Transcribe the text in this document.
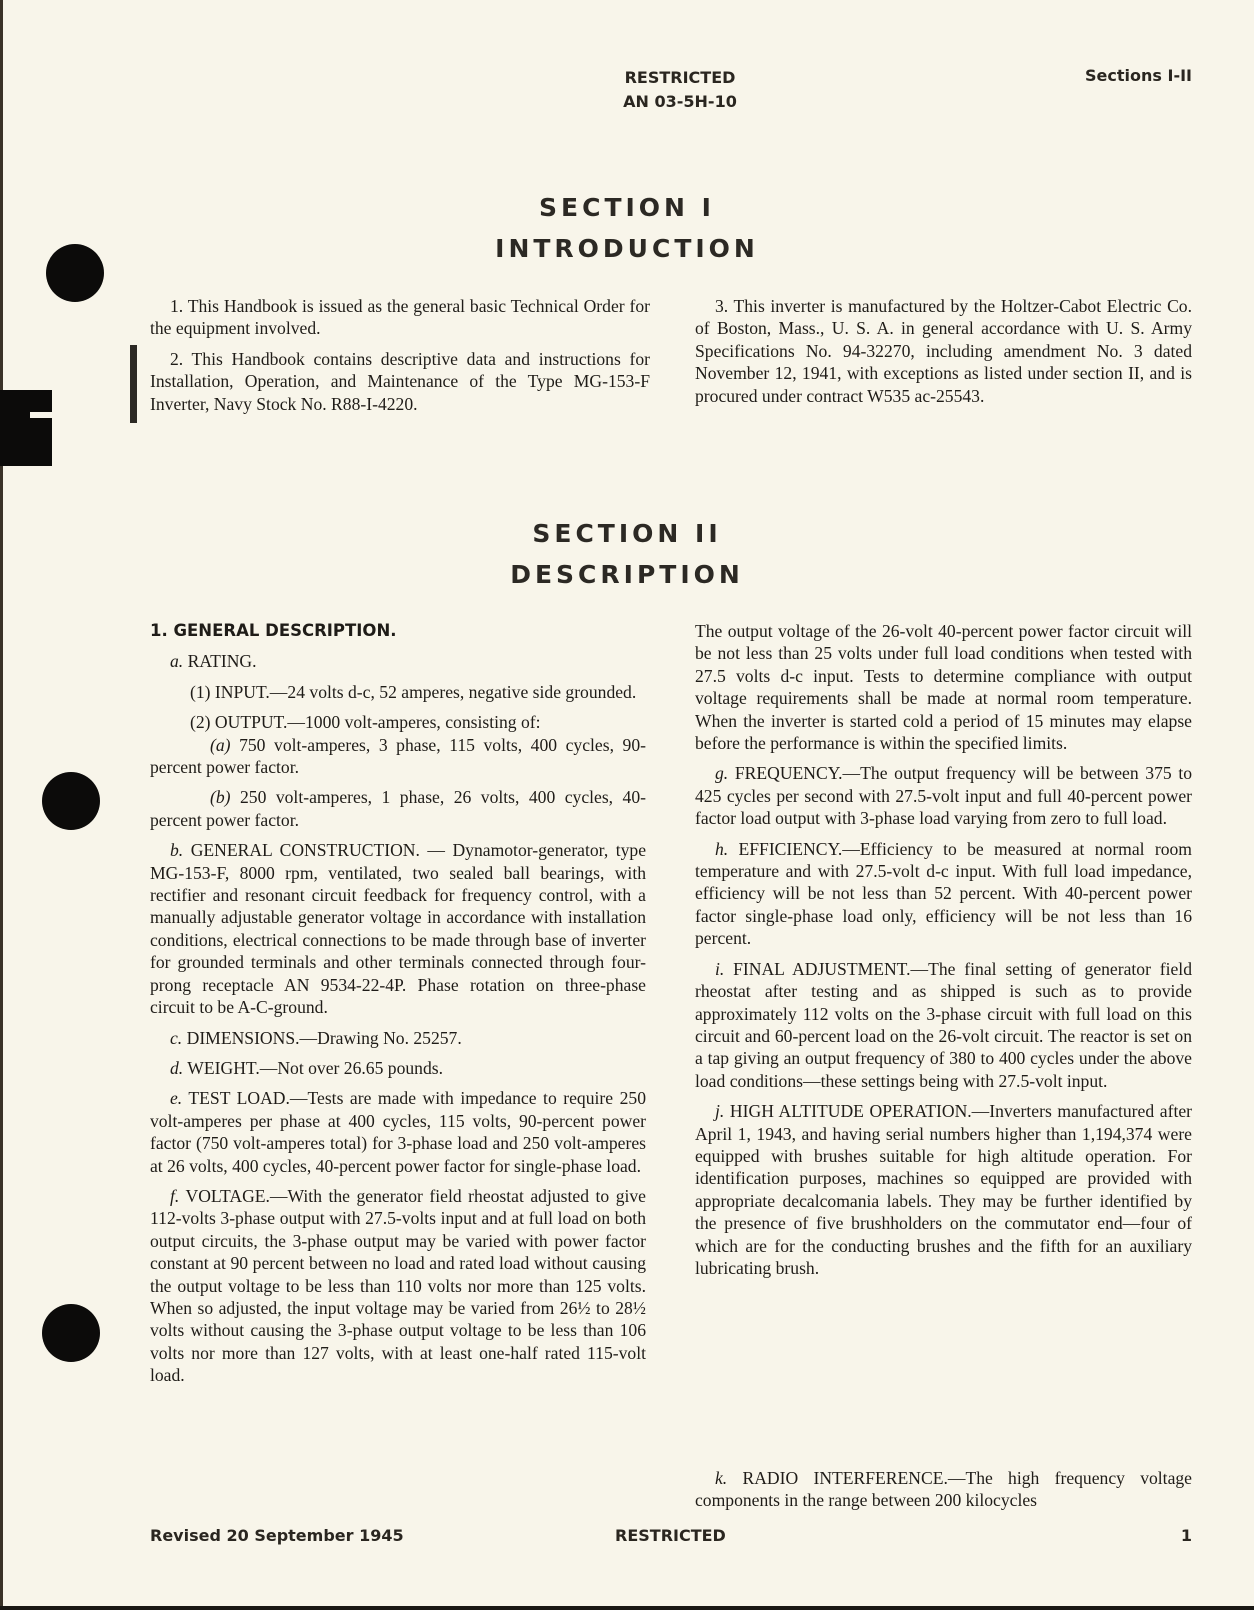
RESTRICTED
AN 03-5H-10
Sections I-II
SECTION I
INTRODUCTION

1. This Handbook is issued as the general basic Technical Order for the equipment involved.

2. This Handbook contains descriptive data and instructions for Installation, Operation, and Maintenance of the Type MG-153-F Inverter, Navy Stock No. R88-I-4220.

3. This inverter is manufactured by the Holtzer-Cabot Electric Co. of Boston, Mass., U. S. A. in general accordance with U. S. Army Specifications No. 94-32270, including amendment No. 3 dated November 12, 1941, with exceptions as listed under section II, and is procured under contract W535 ac-25543.

SECTION II
DESCRIPTION

1. GENERAL DESCRIPTION.

a. RATING.

(1) INPUT.—24 volts d-c, 52 amperes, negative side grounded.

(2) OUTPUT.—1000 volt-amperes, consisting of:

(a) 750 volt-amperes, 3 phase, 115 volts, 400 cycles, 90-percent power factor.

(b) 250 volt-amperes, 1 phase, 26 volts, 400 cycles, 40-percent power factor.

b. GENERAL CONSTRUCTION. — Dynamotor-generator, type MG-153-F, 8000 rpm, ventilated, two sealed ball bearings, with rectifier and resonant circuit feedback for frequency control, with a manually adjustable generator voltage in accordance with installation conditions, electrical connections to be made through base of inverter for grounded terminals and other terminals connected through four-prong receptacle AN 9534-22-4P. Phase rotation on three-phase circuit to be A-C-ground.

c. DIMENSIONS.—Drawing No. 25257.

d. WEIGHT.—Not over 26.65 pounds.

e. TEST LOAD.—Tests are made with impedance to require 250 volt-amperes per phase at 400 cycles, 115 volts, 90-percent power factor (750 volt-amperes total) for 3-phase load and 250 volt-amperes at 26 volts, 400 cycles, 40-percent power factor for single-phase load.

f. VOLTAGE.—With the generator field rheostat adjusted to give 112-volts 3-phase output with 27.5-volts input and at full load on both output circuits, the 3-phase output may be varied with power factor constant at 90 percent between no load and rated load without causing the output voltage to be less than 110 volts nor more than 125 volts. When so adjusted, the input voltage may be varied from 26½ to 28½ volts without causing the 3-phase output voltage to be less than 106 volts nor more than 127 volts, with at least one-half rated 115-volt load.

The output voltage of the 26-volt 40-percent power factor circuit will be not less than 25 volts under full load conditions when tested with 27.5 volts d-c input. Tests to determine compliance with output voltage requirements shall be made at normal room temperature. When the inverter is started cold a period of 15 minutes may elapse before the performance is within the specified limits.

g. FREQUENCY.—The output frequency will be between 375 to 425 cycles per second with 27.5-volt input and full 40-percent power factor load output with 3-phase load varying from zero to full load.

h. EFFICIENCY.—Efficiency to be measured at normal room temperature and with 27.5-volt d-c input. With full load impedance, efficiency will be not less than 52 percent. With 40-percent power factor single-phase load only, efficiency will be not less than 16 percent.

i. FINAL ADJUSTMENT.—The final setting of generator field rheostat after testing and as shipped is such as to provide approximately 112 volts on the 3-phase circuit with full load on this circuit and 60-percent load on the 26-volt circuit. The reactor is set on a tap giving an output frequency of 380 to 400 cycles under the above load conditions—these settings being with 27.5-volt input.

j. HIGH ALTITUDE OPERATION.—Inverters manufactured after April 1, 1943, and having serial numbers higher than 1,194,374 were equipped with brushes suitable for high altitude operation. For identification purposes, machines so equipped are provided with appropriate decalcomania labels. They may be further identified by the presence of five brushholders on the commutator end—four of which are for the conducting brushes and the fifth for an auxiliary lubricating brush.

k. RADIO INTERFERENCE.—The high frequency voltage components in the range between 200 kilocycles

Revised 20 September 1945	RESTRICTED	1
